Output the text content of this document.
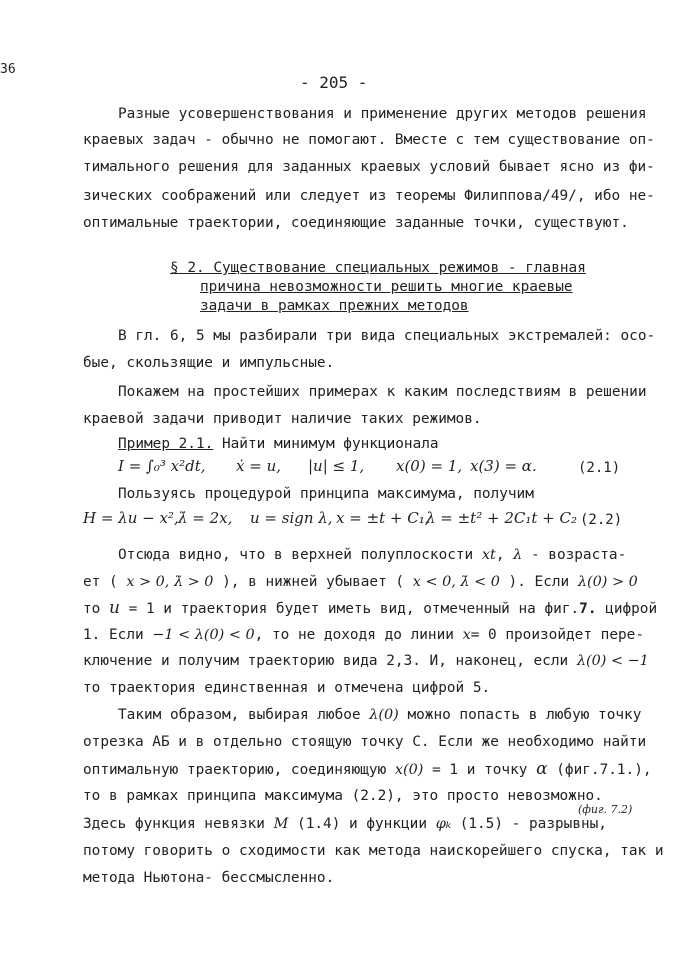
36
- 205 -
Разные усовершенствования и применение других методов решения
краевых задач - обычно не помогают. Вместе с тем существование оп-
тимального решения для заданных краевых условий бывает ясно из фи-
зических соображений или следует из теоремы Филиппова/49/, ибо не-
оптимальные траектории, соединяющие заданные точки, существуют.
§ 2. Существование специальных режимов - главная
причина невозможности решить многие краевые
задачи в рамках прежних методов
В гл. 6, 5 мы разбирали три вида специальных экстремалей: осо-
бые, скользящие и импульсные.
Покажем на простейших примерах к каким последствиям в решении
краевой задачи приводит наличие таких режимов.
Пример 2.1. Найти минимум функционала
I = ∫₀³ x²dt, ẋ = u, |u| ≤ 1, x(0) = 1, x(3) = α.	(2.1)
Пользуясь процедурой принципа максимума, получим
H = λu − x², λ̇ = 2x, u = sign λ, x = ±t + C₁,
λ = ±t² + 2C₁t + C₂ (2.2)
Отсюда видно, что в верхней полуплоскости xt, λ - возраста-
ет ( x > 0, λ̇ > 0 ), в нижней убывает ( x < 0, λ̇ < 0 ). Если λ(0) > 0
то u = 1 и траектория будет иметь вид, отмеченный на фиг.7. цифрой
1. Если −1 < λ(0) < 0, то не доходя до линии x= 0 произойдет пере-
ключение и получим траекторию вида 2,3. И, наконец, если λ(0) < −1
то траектория единственная и отмечена цифрой 5.
Таким образом, выбирая любое λ(0) можно попасть в любую точку
отрезка АБ и в отдельно стоящую точку С. Если же необходимо найти
оптимальную траекторию, соединяющую x(0) = 1 и точку α (фиг.7.1.),
то в рамках принципа максимума (2.2), это просто невозможно.
(фиг. 7.2)
Здесь функция невязки M (1.4) и функции φₖ (1.5) - разрывны,
потому говорить о сходимости как метода наискорейшего спуска, так и
метода Ньютона- бессмысленно.
